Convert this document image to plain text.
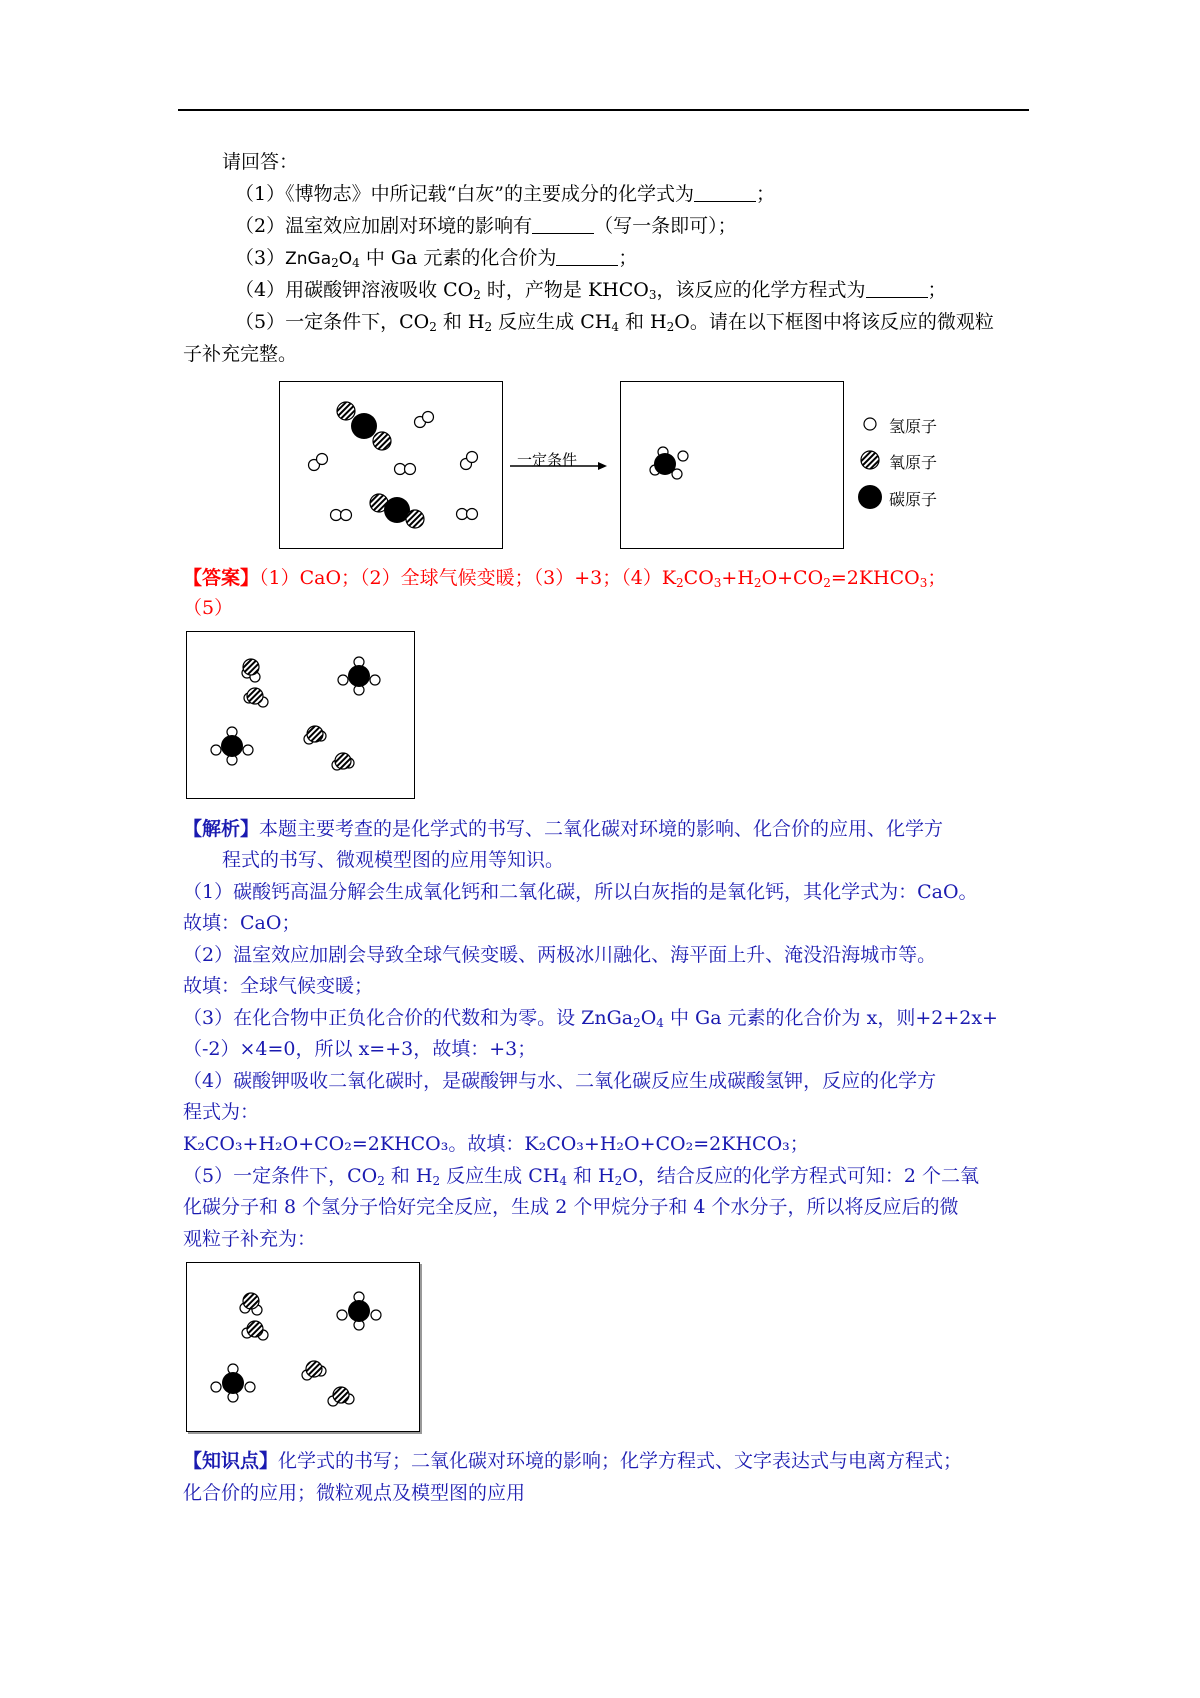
请回答：
（1）《博物志》中所记载“白灰”的主要成分的化学式为	；
（2）温室效应加剧对环境的影响有	（写一条即可）；
$(3)ZnGa_2O_4$ 中 Ga 元素的化合价为	；
（4）用碳酸钾溶液吸收 $CO_2$ 时，产物是 $KHCO_3$，该反应的化学方程式为	；
（5）一定条件下，$CO_2$ 和 $H_2$ 反应生成 $CH_4$ 和 $H_2O$。请在以下框图中将该反应的微观粒
子补充完整。
一定条件
氢原子
氧原子
碳原子
【答案】（1）CaO；（2）全球气候变暖；（3）+3；$(4)K_2CO_3+H_2O+CO_2=2KHCO_3$；
（5）
【解析】本题主要考查的是化学式的书写、二氧化碳对环境的影响、化合价的应用、化学方
程式的书写、微观模型图的应用等知识。
（1）碳酸钙高温分解会生成氧化钙和二氧化碳，所以白灰指的是氧化钙，其化学式为：CaO。
故填：CaO；
（2）温室效应加剧会导致全球气候变暖、两极冰川融化、海平面上升、淹没沿海城市等。
故填：全球气候变暖；
（3）在化合物中正负化合价的代数和为零。设 $ZnGa_2O_4$ 中 Ga 元素的化合价为 x，则+2+2x+
（-2）×4=0，所以 x=+3，故填：+3；
（4）碳酸钾吸收二氧化碳时，是碳酸钾与水、二氧化碳反应生成碳酸氢钾，反应的化学方
程式为：
K₂CO₃+H₂O+CO₂=2KHCO₃。故填：K₂CO₃+H₂O+CO₂=2KHCO₃；
（5）一定条件下，$CO_2$ 和 $H_2$ 反应生成 $CH_4$ 和 $H_2O$，结合反应的化学方程式可知：2 个二氧
化碳分子和 8 个氢分子恰好完全反应，生成 2 个甲烷分子和 4 个水分子，所以将反应后的微
观粒子补充为：
【知识点】化学式的书写；二氧化碳对环境的影响；化学方程式、文字表达式与电离方程式；
化合价的应用；微粒观点及模型图的应用
